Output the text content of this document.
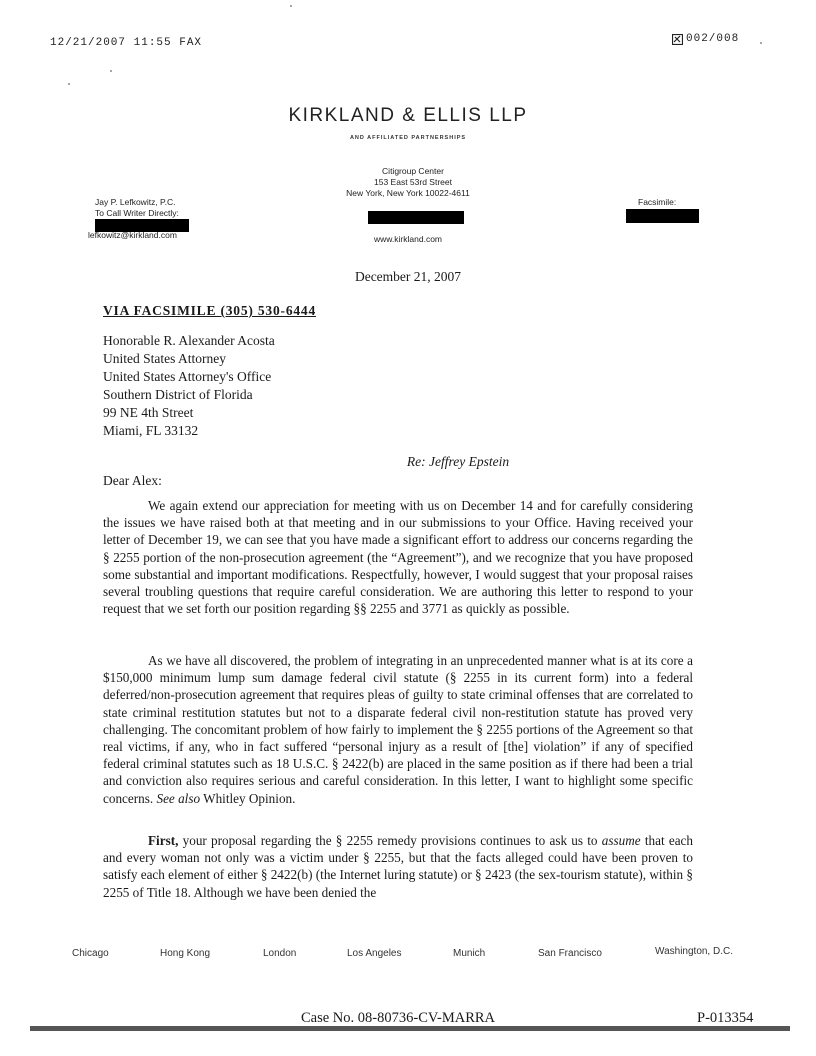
12/21/2007 11:55 FAX	002/008
KIRKLAND & ELLIS LLP
AND AFFILIATED PARTNERSHIPS
Citigroup Center
153 East 53rd Street
New York, New York 10022-4611
www.kirkland.com
Jay P. Lefkowitz, P.C.
To Call Writer Directly:
lefkowitz@kirkland.com
Facsimile:
December 21, 2007
VIA FACSIMILE (305) 530-6444
Honorable R. Alexander Acosta
United States Attorney
United States Attorney's Office
Southern District of Florida
99 NE 4th Street
Miami, FL 33132
Re: Jeffrey Epstein
Dear Alex:
We again extend our appreciation for meeting with us on December 14 and for carefully considering the issues we have raised both at that meeting and in our submissions to your Office. Having received your letter of December 19, we can see that you have made a significant effort to address our concerns regarding the § 2255 portion of the non-prosecution agreement (the “Agreement”), and we recognize that you have proposed some substantial and important modifications. Respectfully, however, I would suggest that your proposal raises several troubling questions that require careful consideration. We are authoring this letter to respond to your request that we set forth our position regarding §§ 2255 and 3771 as quickly as possible.
As we have all discovered, the problem of integrating in an unprecedented manner what is at its core a $150,000 minimum lump sum damage federal civil statute (§ 2255 in its current form) into a federal deferred/non-prosecution agreement that requires pleas of guilty to state criminal offenses that are correlated to state criminal restitution statutes but not to a disparate federal civil non-restitution statute has proved very challenging. The concomitant problem of how fairly to implement the § 2255 portions of the Agreement so that real victims, if any, who in fact suffered “personal injury as a result of [the] violation” if any of specified federal criminal statutes such as 18 U.S.C. § 2422(b) are placed in the same position as if there had been a trial and conviction also requires serious and careful consideration. In this letter, I want to highlight some specific concerns. See also Whitley Opinion.
First, your proposal regarding the § 2255 remedy provisions continues to ask us to assume that each and every woman not only was a victim under § 2255, but that the facts alleged could have been proven to satisfy each element of either § 2422(b) (the Internet luring statute) or § 2423 (the sex-tourism statute), within § 2255 of Title 18. Although we have been denied the
Chicago	Hong Kong	London	Los Angeles	Munich	San Francisco	Washington, D.C.
Case No. 08-80736-CV-MARRA	P-013354
